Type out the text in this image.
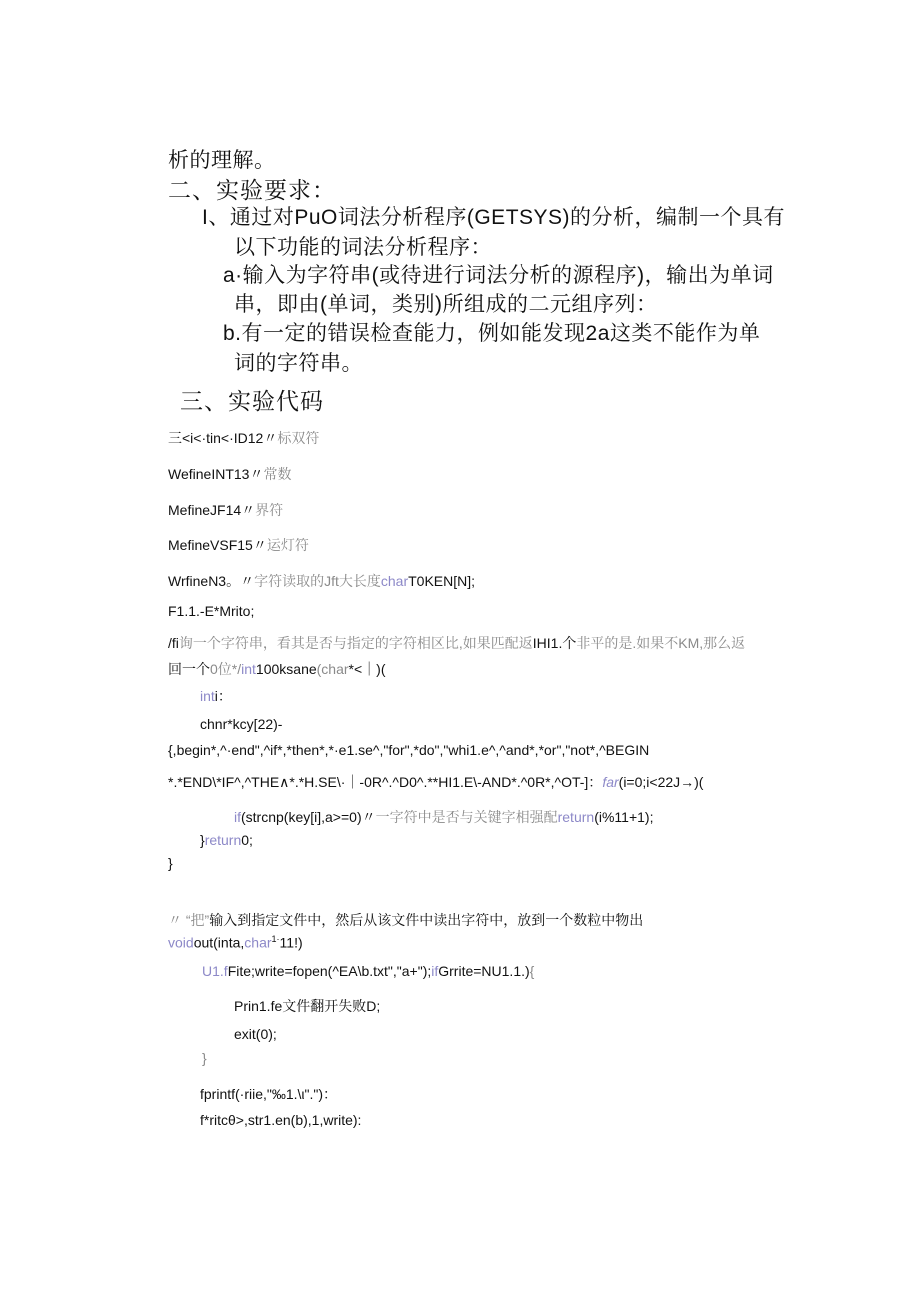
析的理解。
二、实验要求：
I、通过对PuO词法分析程序(GETSYS)的分析，编制一个具有
以下功能的词法分析程序：
a·输入为字符串(或待进行词法分析的源程序)，输出为单词
串，即由(单词，类别)所组成的二元组序列：
b.有一定的错误检查能力，例如能发现2a这类不能作为单
词的字符串。
三、实验代码
三<i<·tin<·ID12〃标双符
WefineINT13〃常数
MefineJF14〃界符
MefineVSF15〃运灯符
WrfineN3。〃字符读取的Jft大长度charT0KEN[N];
F1.1.-E*Mrito;
/fi询一个字符串，看其是否与指定的字符相区比,如果匹配返IHI1.个非平的是.如果不KM,那么返
回一个0位*/int100ksane(char*<｜)(
inti：
chnr*kcy[22)-
{,begin*,^·end",^if*,*then*,*·e1.se^,"for",*do","whi1.e^,^and*,*or","not*,^BEGIN
*.*END\*IF^,^THE∧*.*H.SE\·｜-0R^.^D0^.**HI1.E\-AND*.^0R*,^OT-]：far(i=0;i<22J→)(
if(strcnp(key[i],a>=0)〃一字符中是否与关键字相强配return(i%11+1);
}return0;
}
〃 “把”输入到指定文件中，然后从该文件中读出字符中，放到一个数粒中物出
voidout(inta,char$^{1\cdot}$11!)
U1.fFite;write=fopen(^EA\b.txt","a+");ifGrrite=NU1.1.){
Prin1.fe文件翻开失败D;
exit(0);
}
fprintf(·riie,"‰1.\ι".")：
f*ritcθ>,str1.en(b),1,write):
